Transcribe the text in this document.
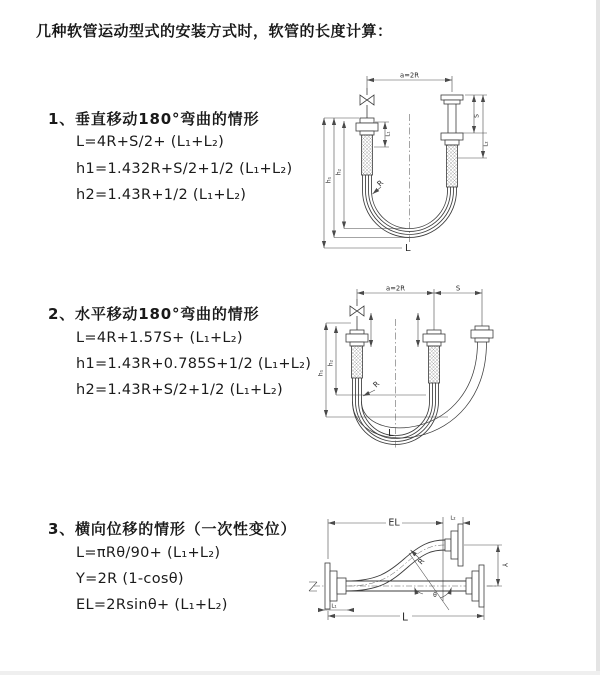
几种软管运动型式的安装方式时，软管的长度计算：
1、垂直移动180°弯曲的情形
L=4R+S/2+ (L₁+L₂)
h1=1.432R+S/2+1/2 (L₁+L₂)
h2=1.43R+1/2 (L₁+L₂)
2、水平移动180°弯曲的情形
L=4R+1.57S+ (L₁+L₂)
h1=1.43R+0.785S+1/2 (L₁+L₂)
h2=1.43R+S/2+1/2 (L₁+L₂)
3、横向位移的情形（一次性变位）
L=πRθ/90+ (L₁+L₂)
Y=2R (1-cosθ)
EL=2Rsinθ+ (L₁+L₂)
a=2R
S
L₂
L₁
h₁
h₂
R
L
a=2R	S
h₁
h₂
R
L
EL	L₂
Y
R
θ
L
L₁
